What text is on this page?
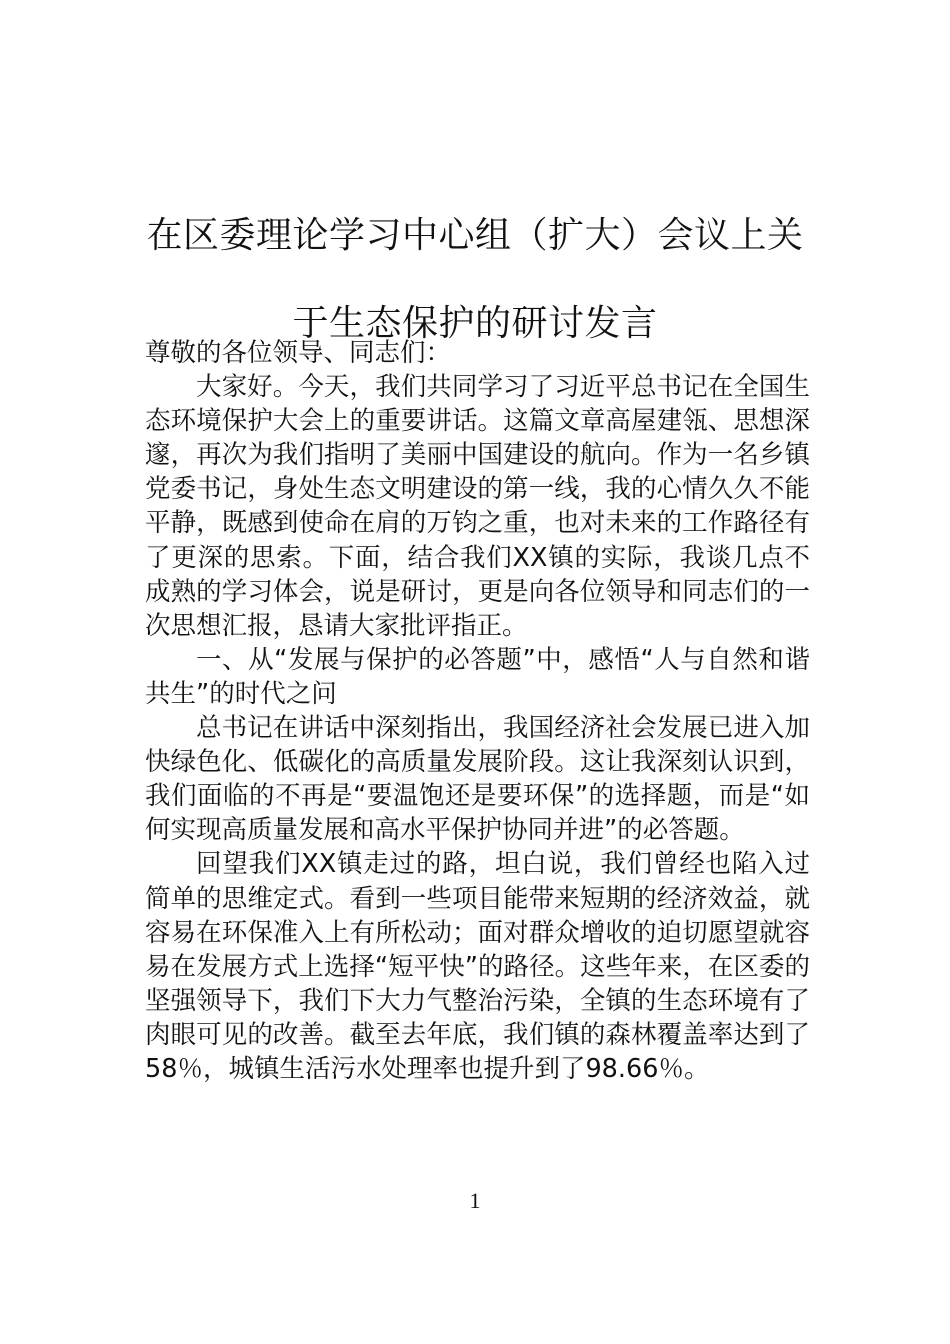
在区委理论学习中心组（扩大）会议上关于生态保护的研讨发言

尊敬的各位领导、同志们：

大家好。今天，我们共同学习了习近平总书记在全国生态环境保护大会上的重要讲话。这篇文章高屋建瓴、思想深邃，再次为我们指明了美丽中国建设的航向。作为一名乡镇党委书记，身处生态文明建设的第一线，我的心情久久不能平静，既感到使命在肩的万钧之重，也对未来的工作路径有了更深的思索。下面，结合我们XX镇的实际，我谈几点不成熟的学习体会，说是研讨，更是向各位领导和同志们的一次思想汇报，恳请大家批评指正。

一、从“发展与保护的必答题”中，感悟“人与自然和谐共生”的时代之问

总书记在讲话中深刻指出，我国经济社会发展已进入加快绿色化、低碳化的高质量发展阶段。这让我深刻认识到，我们面临的不再是“要温饱还是要环保”的选择题，而是“如何实现高质量发展和高水平保护协同并进”的必答题。

回望我们XX镇走过的路，坦白说，我们曾经也陷入过简单的思维定式。看到一些项目能带来短期的经济效益，就容易在环保准入上有所松动；面对群众增收的迫切愿望就容易在发展方式上选择“短平快”的路径。这些年来，在区委的坚强领导下，我们下大力气整治污染，全镇的生态环境有了肉眼可见的改善。截至去年底，我们镇的森林覆盖率达到了58％，城镇生活污水处理率也提升到了98.66％。

1
